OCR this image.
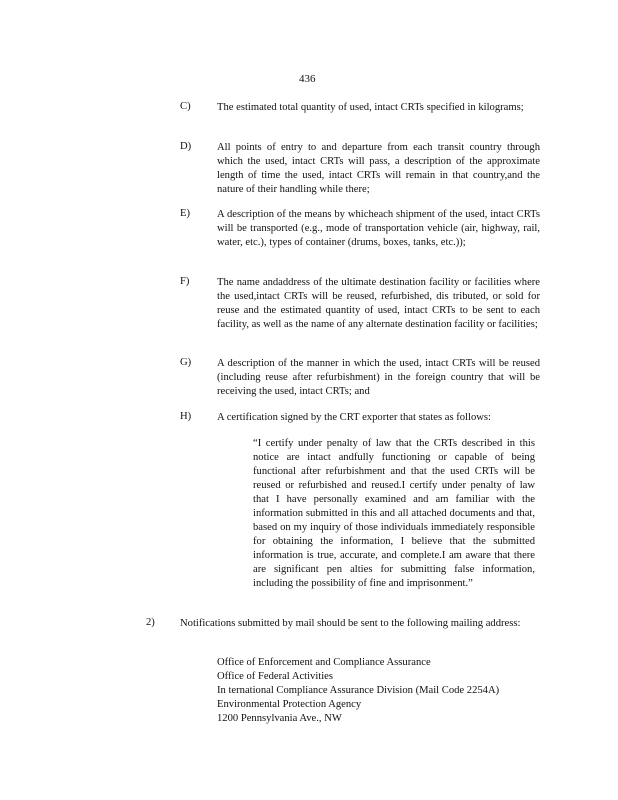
436
C) The estimated total quantity of used, intact CRTs specified in kilograms;
D) All points of entry to and departure from each transit country through which the used, intact CRTs will pass, a description of the approximate length of time the used, intact CRTs will remain in that country,and the nature of their handling while there;
E)	A description of the means by whicheach shipment of the used, intact CRTs will be transported (e.g., mode of transportation vehicle (air, highway, rail, water, etc.), types of container (drums, boxes, tanks, etc.));
F)	The name andaddress of the ultimate destination facility or facilities where the used,intact CRTs will be reused, refurbished, dis tributed, or sold for reuse and the estimated quantity of used, intact CRTs to be sent to each facility, as well as the name of any alternate destination facility or facilities;
G) A description of the manner in which the used, intact CRTs will be reused (including reuse after refurbishment) in the foreign country that will be receiving the used, intact CRTs; and
H) A certification signed by the CRT exporter that states as follows:
“I certify under penalty of law that the CRTs described in this notice are intact andfully functioning or capable of being functional after refurbishment and that the used CRTs will be reused or refurbished and reused.I certify under penalty of law that I have personally examined and am familiar with the information submitted in this and all attached documents and that, based on my inquiry of those individuals immediately responsible for obtaining the information, I believe that the submitted information is true, accurate, and complete.I am aware that there are significant pen alties for submitting false information, including the possibility of fine and imprisonment.”
2) Notifications submitted by mail should be sent to the following mailing address:
Office of Enforcement and Compliance Assurance
Office of Federal Activities
In ternational Compliance Assurance Division (Mail Code 2254A)
Environmental Protection Agency
1200 Pennsylvania Ave., NW
